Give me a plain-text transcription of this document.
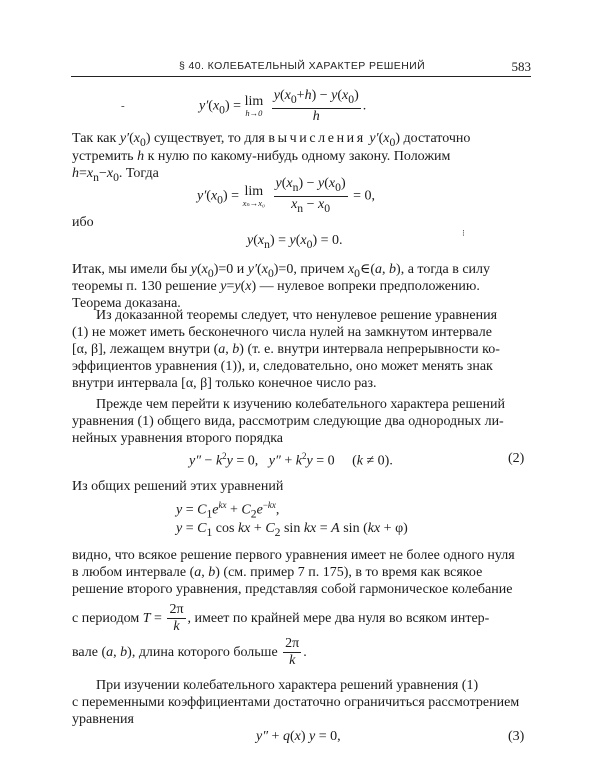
§ 40. КОЛЕБАТЕЛЬНЫЙ ХАРАКТЕР РЕШЕНИЙ	583
‑
⁝
$y'(x_0) = \lim$
h→0
$\frac{y(x_0+h) - y(x_0)}{h}$ .
Так как $y'(x_0)$ существует, то для вычисления $y'(x_0)$ достаточно
устремить h к нулю по какому-нибудь одному закону. Положим
$h=x_n-x_0$. Тогда
$y'(x_0) = \lim$
xₙ→x₀
$\frac{y(x_n) - y(x_0)}{x_n - x_0} = 0$,
ибо
$y(x_n) = y(x_0) = 0$.
Итак, мы имели бы $y(x_0)=0$ и $y'(x_0)=0$, причем $x_0\in(a$, b), а тогда в силу
теоремы п. 130 решение y=y(x) — нулевое вопреки предположению.
Теорема доказана.
Из доказанной теоремы следует, что ненулевое решение уравнения
(1) не может иметь бесконечного числа нулей на замкнутом интервале
[α, β], лежащем внутри (a, b) (т. е. внутри интервала непрерывности ко-
эффициентов уравнения (1)), и, следовательно, оно может менять знак
внутри интервала [α, β] только конечное число раз.
Прежде чем перейти к изучению колебательного характера решений
уравнения (1) общего вида, рассмотрим следующие два однородных ли-
нейных уравнения второго порядка
$y'' - k^2y = 0$,   $y'' + k^2y = 0$     (k ≠ 0).	(2)
Из общих решений этих уравнений
$y = C_1e^{kx} + C_2e^{-kx}$,
$y = C_1$ cos kx + $C_2$ sin kx = A sin (kx + φ)
видно, что всякое решение первого уравнения имеет не более одного нуля
в любом интервале (a, b) (см. пример 7 п. 175), в то время как всякое
решение второго уравнения, представляя собой гармоническое колебание
с периодом $T = \frac{2\pi}{k}$ , имеет по крайней мере два нуля во всяком интер-
вале (a, b), длина которого больше $\frac{2\pi}{k}$ .
При изучении колебательного характера решений уравнения (1)
с переменными коэффициентами достаточно ограничиться рассмотрением
уравнения
y″ + q(x) y = 0,	(3)
